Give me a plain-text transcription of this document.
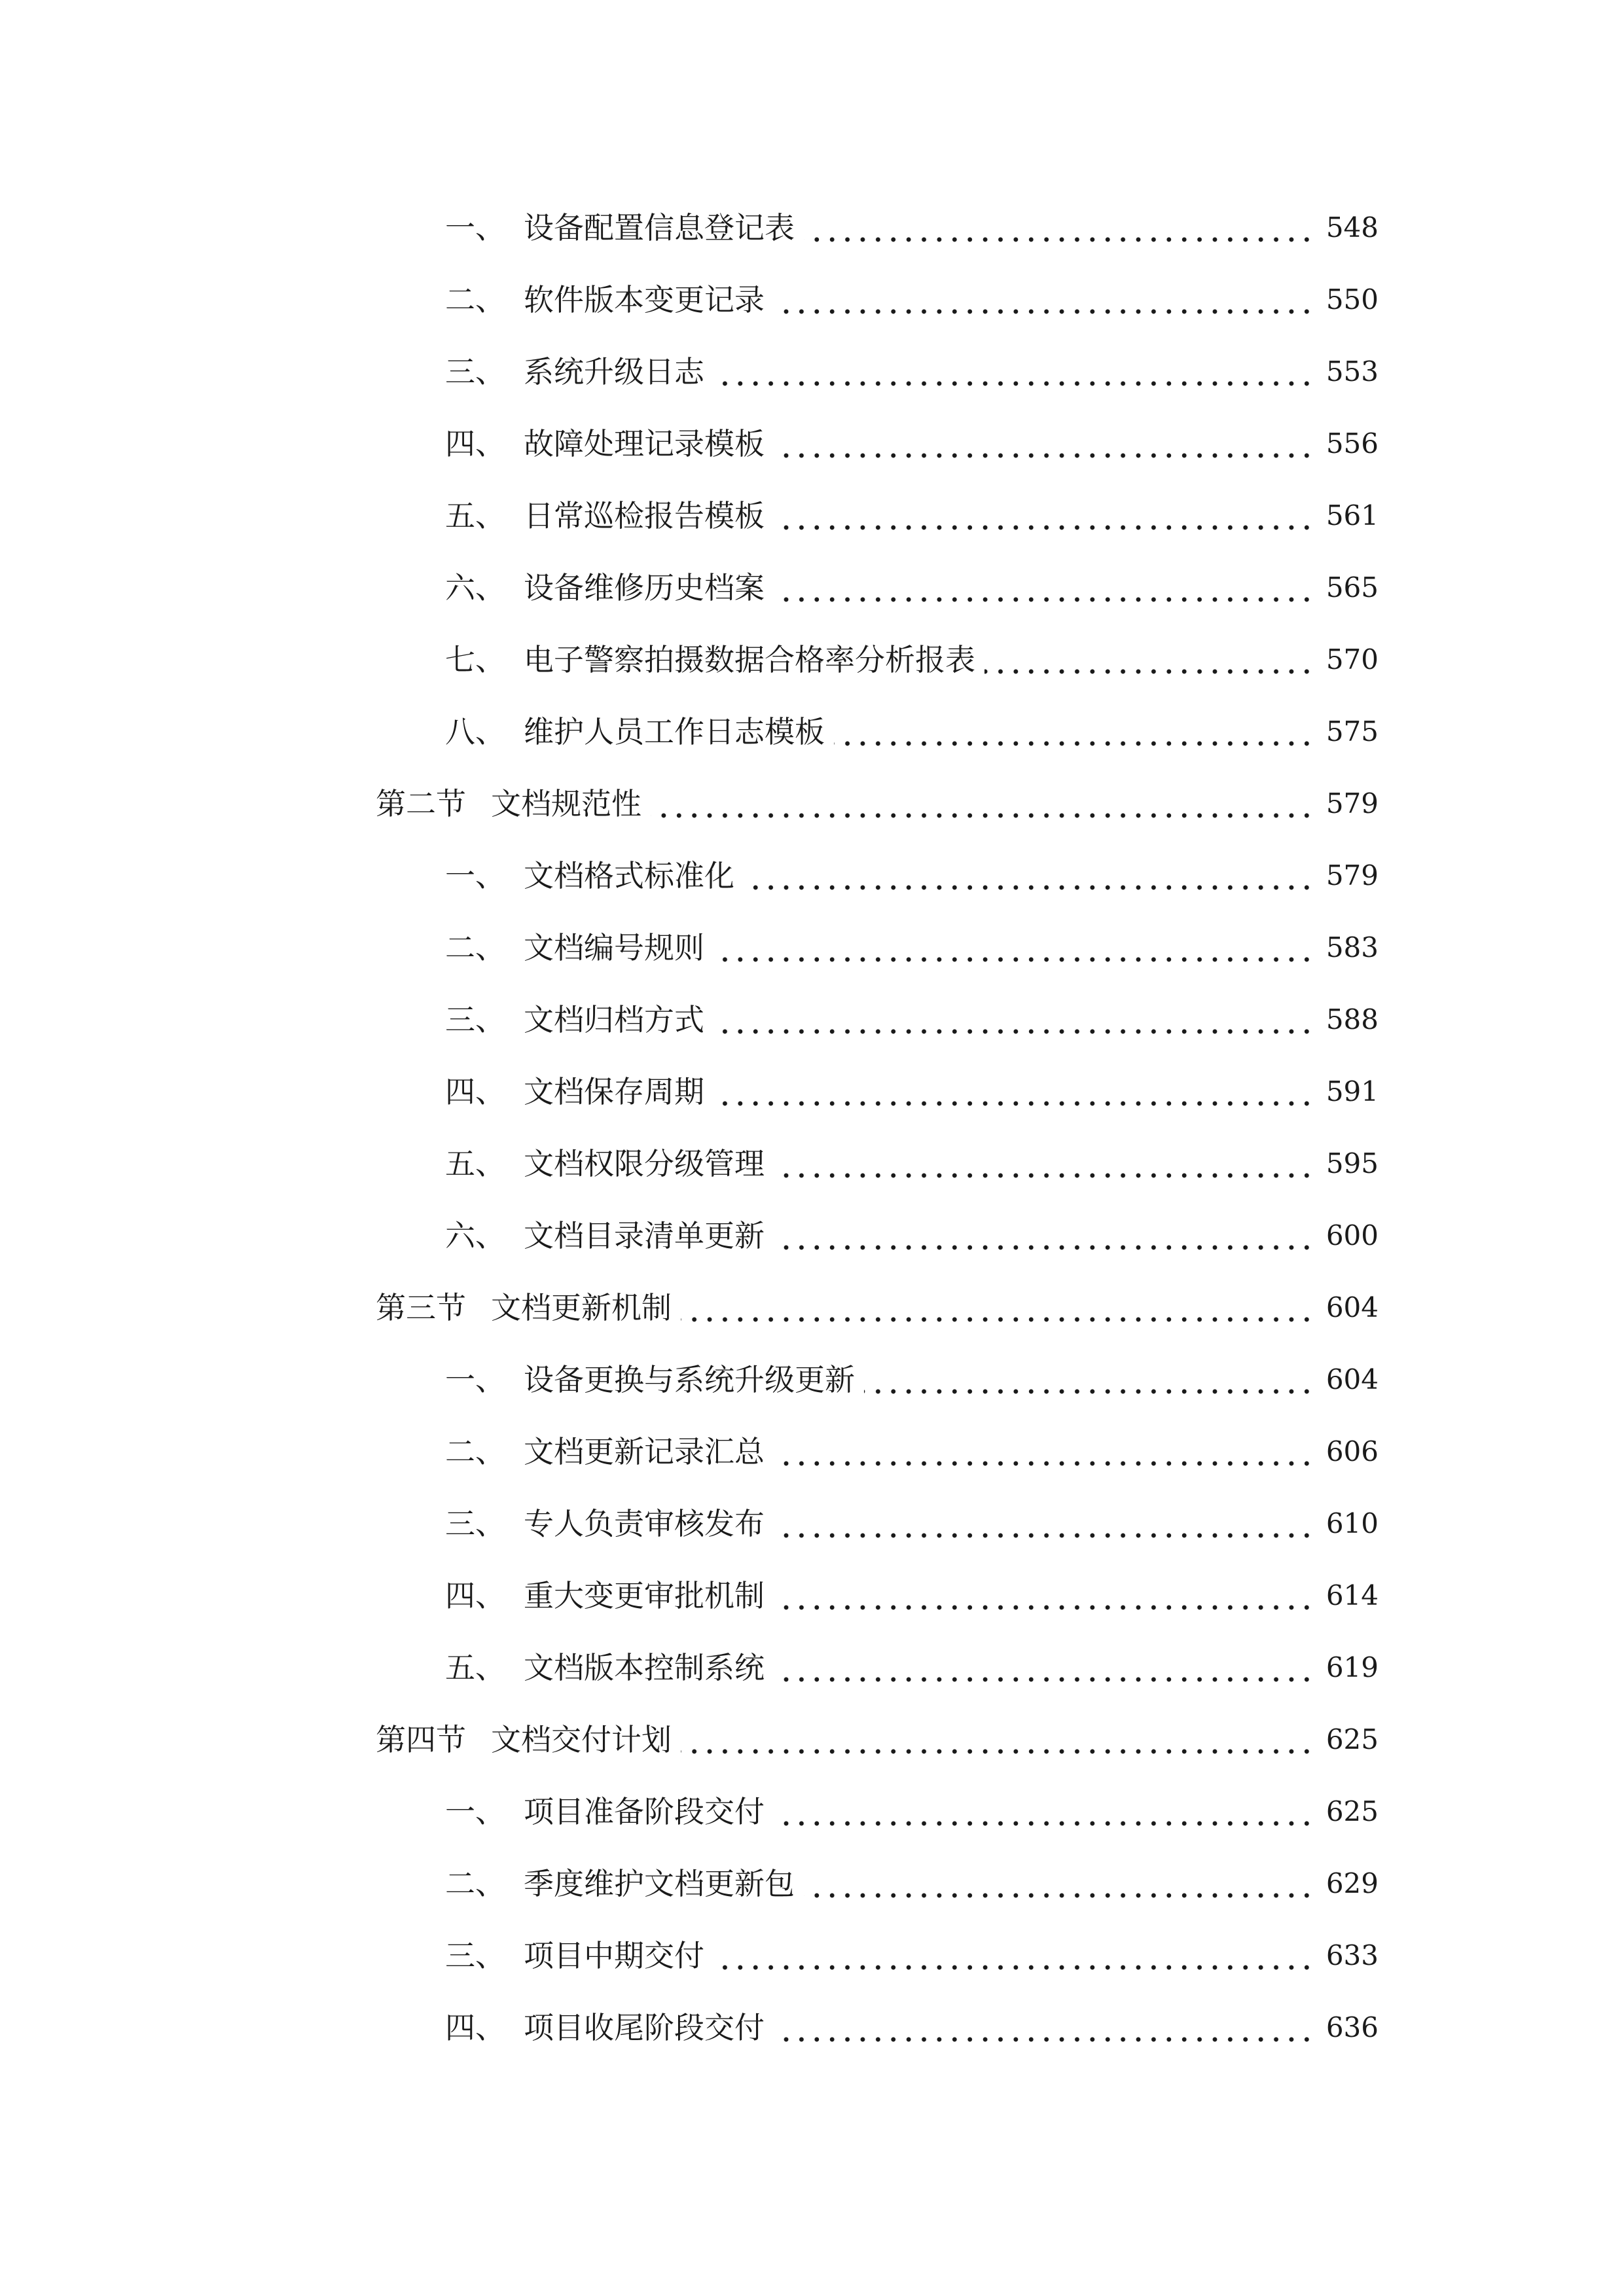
一、 设备配置信息登记表	548
二、 软件版本变更记录	550
三、 系统升级日志	553
四、 故障处理记录模板	556
五、 日常巡检报告模板	561
六、 设备维修历史档案	565
七、 电子警察拍摄数据合格率分析报表	570
八、 维护人员工作日志模板	575
第二节 文档规范性	579
一、 文档格式标准化	579
二、 文档编号规则	583
三、 文档归档方式	588
四、 文档保存周期	591
五、 文档权限分级管理	595
六、 文档目录清单更新	600
第三节 文档更新机制	604
一、 设备更换与系统升级更新	604
二、 文档更新记录汇总	606
三、 专人负责审核发布	610
四、 重大变更审批机制	614
五、 文档版本控制系统	619
第四节 文档交付计划	625
一、 项目准备阶段交付	625
二、 季度维护文档更新包	629
三、 项目中期交付	633
四、 项目收尾阶段交付	636
